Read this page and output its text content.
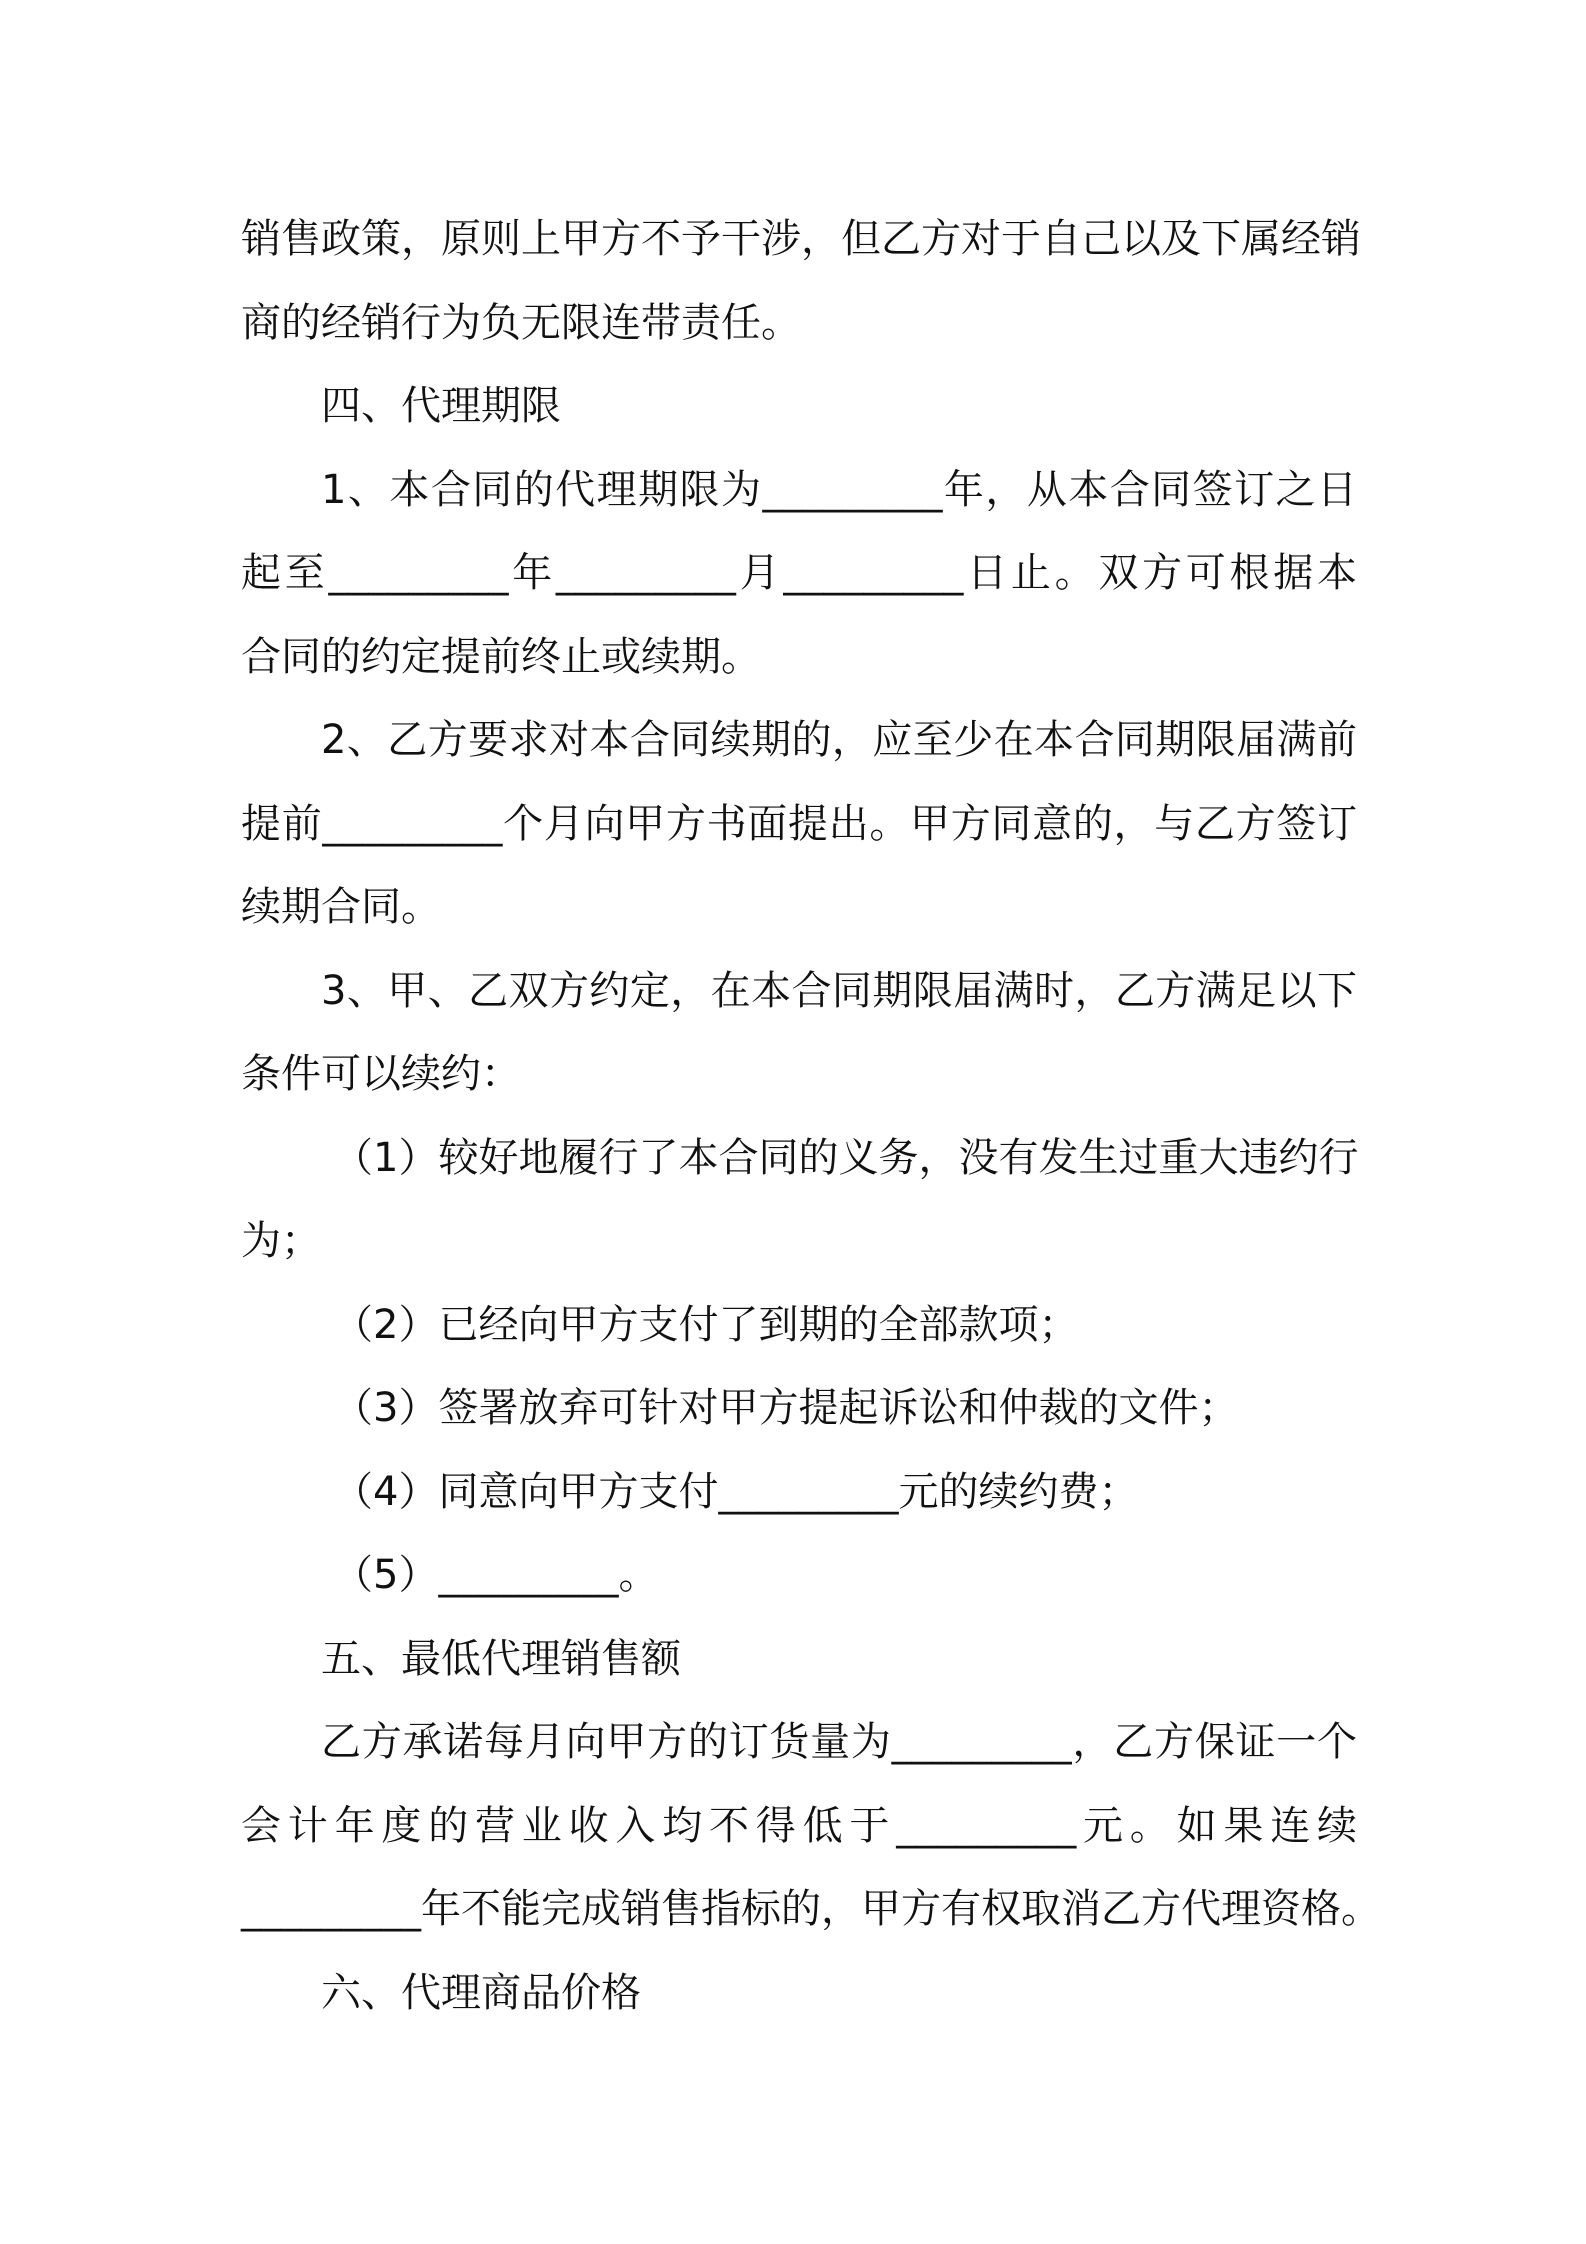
销售政策，原则上甲方不予干涉，但乙方对于自己以及下属经销
商的经销行为负无限连带责任。
四、代理期限
1、本合同的代理期限为_________年，从本合同签订之日
起至_________年_________月_________日止。双方可根据本
合同的约定提前终止或续期。
2、乙方要求对本合同续期的，应至少在本合同期限届满前
提前_________个月向甲方书面提出。甲方同意的，与乙方签订
续期合同。
3、甲、乙双方约定，在本合同期限届满时，乙方满足以下
条件可以续约：
（1）较好地履行了本合同的义务，没有发生过重大违约行
为；
（2）已经向甲方支付了到期的全部款项；
（3）签署放弃可针对甲方提起诉讼和仲裁的文件；
（4）同意向甲方支付_________元的续约费；
（5）_________。
五、最低代理销售额
乙方承诺每月向甲方的订货量为_________，乙方保证一个
会计年度的营业收入均不得低于_________元。如果连续
_________年不能完成销售指标的，甲方有权取消乙方代理资格。
六、代理商品价格
